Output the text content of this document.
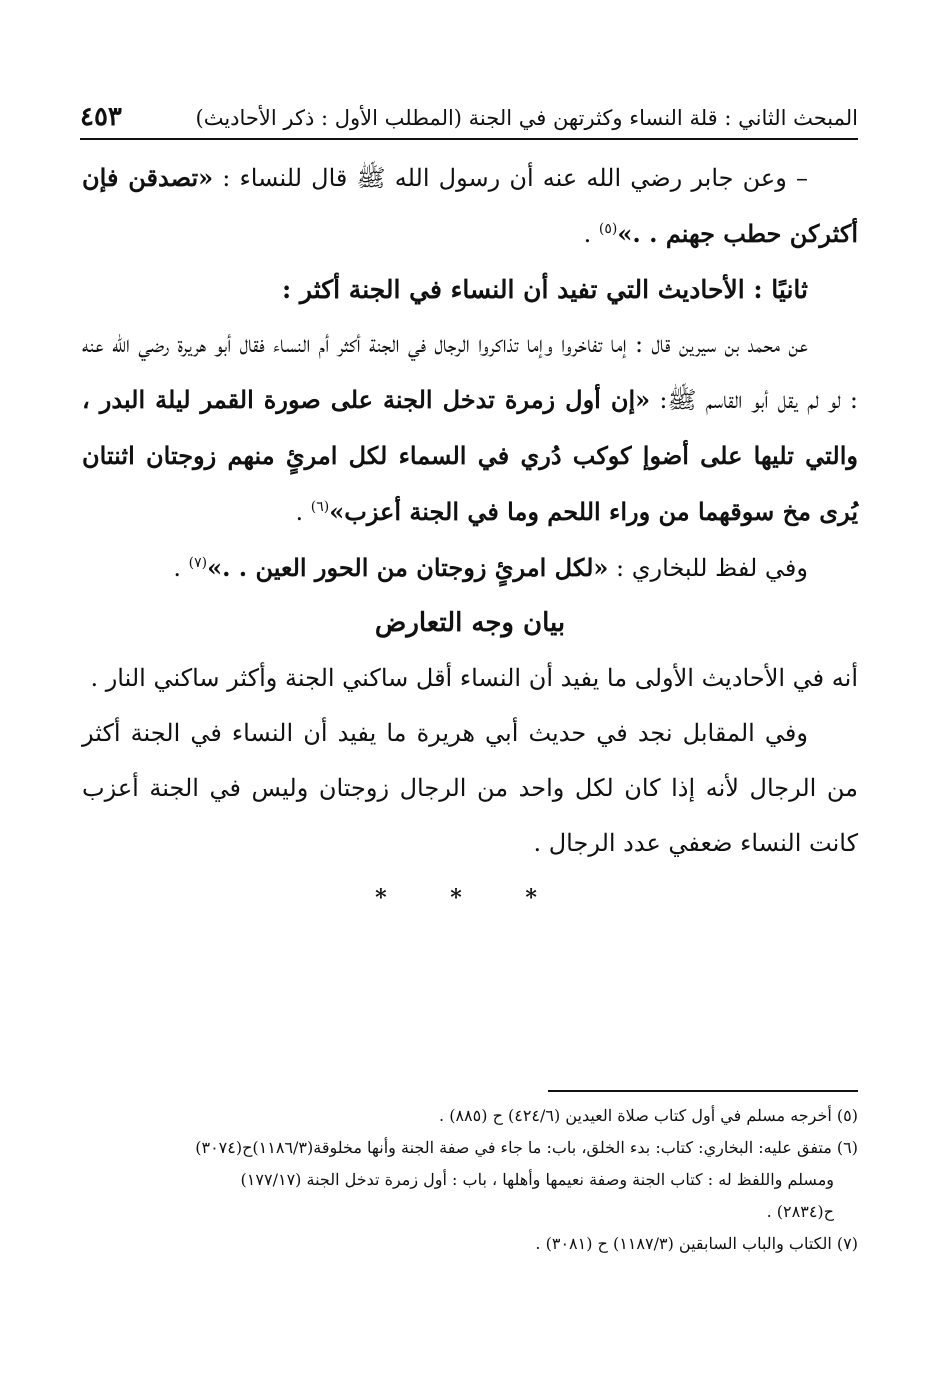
المبحث الثاني : قلة النساء وكثرتهن في الجنة (المطلب الأول : ذكر الأحاديث)
٤٥٣

– وعن جابر رضي الله عنه أن رسول الله ﷺ قال للنساء : «تصدقن فإن أكثركن حطب جهنم . .»$^{(٥)}$ .

ثانيًا : الأحاديث التي تفيد أن النساء في الجنة أكثر :

عن محمد بن سيرين قال : إما تفاخروا وإما تذاكروا الرجال في الجنة أكثر أم النساء فقال أبو هريرة رضي الله عنه : لو لم يقل أبو القاسم ﷺ: «إن أول زمرة تدخل الجنة على صورة القمر ليلة البدر ، والتي تليها على أضوإ كوكب دُري في السماء لكل امرئٍ منهم زوجتان اثنتان يُرى مخ سوقهما من وراء اللحم وما في الجنة أعزب»$^{(٦)}$ .

وفي لفظ للبخاري : «لكل امرئٍ زوجتان من الحور العين . .»$^{(٧)}$ .

بيان وجه التعارض

أنه في الأحاديث الأولى ما يفيد أن النساء أقل ساكني الجنة وأكثر ساكني النار .

وفي المقابل نجد في حديث أبي هريرة ما يفيد أن النساء في الجنة أكثر من الرجال لأنه إذا كان لكل واحد من الرجال زوجتان وليس في الجنة أعزب كانت النساء ضعفي عدد الرجال .

* * *

(٥) أخرجه مسلم في أول كتاب صلاة العيدين (٤٢٤/٦) ح (٨٨٥) .

(٦) متفق عليه: البخاري: كتاب: بدء الخلق، باب: ما جاء في صفة الجنة وأنها مخلوقة(١١٨٦/٣)ح(٣٠٧٤)

ومسلم واللفظ له : كتاب الجنة وصفة نعيمها وأهلها ، باب : أول زمرة تدخل الجنة (١٧٧/١٧)

ح(٢٨٣٤) .

(٧) الكتاب والباب السابقين (١١٨٧/٣) ح (٣٠٨١) .
